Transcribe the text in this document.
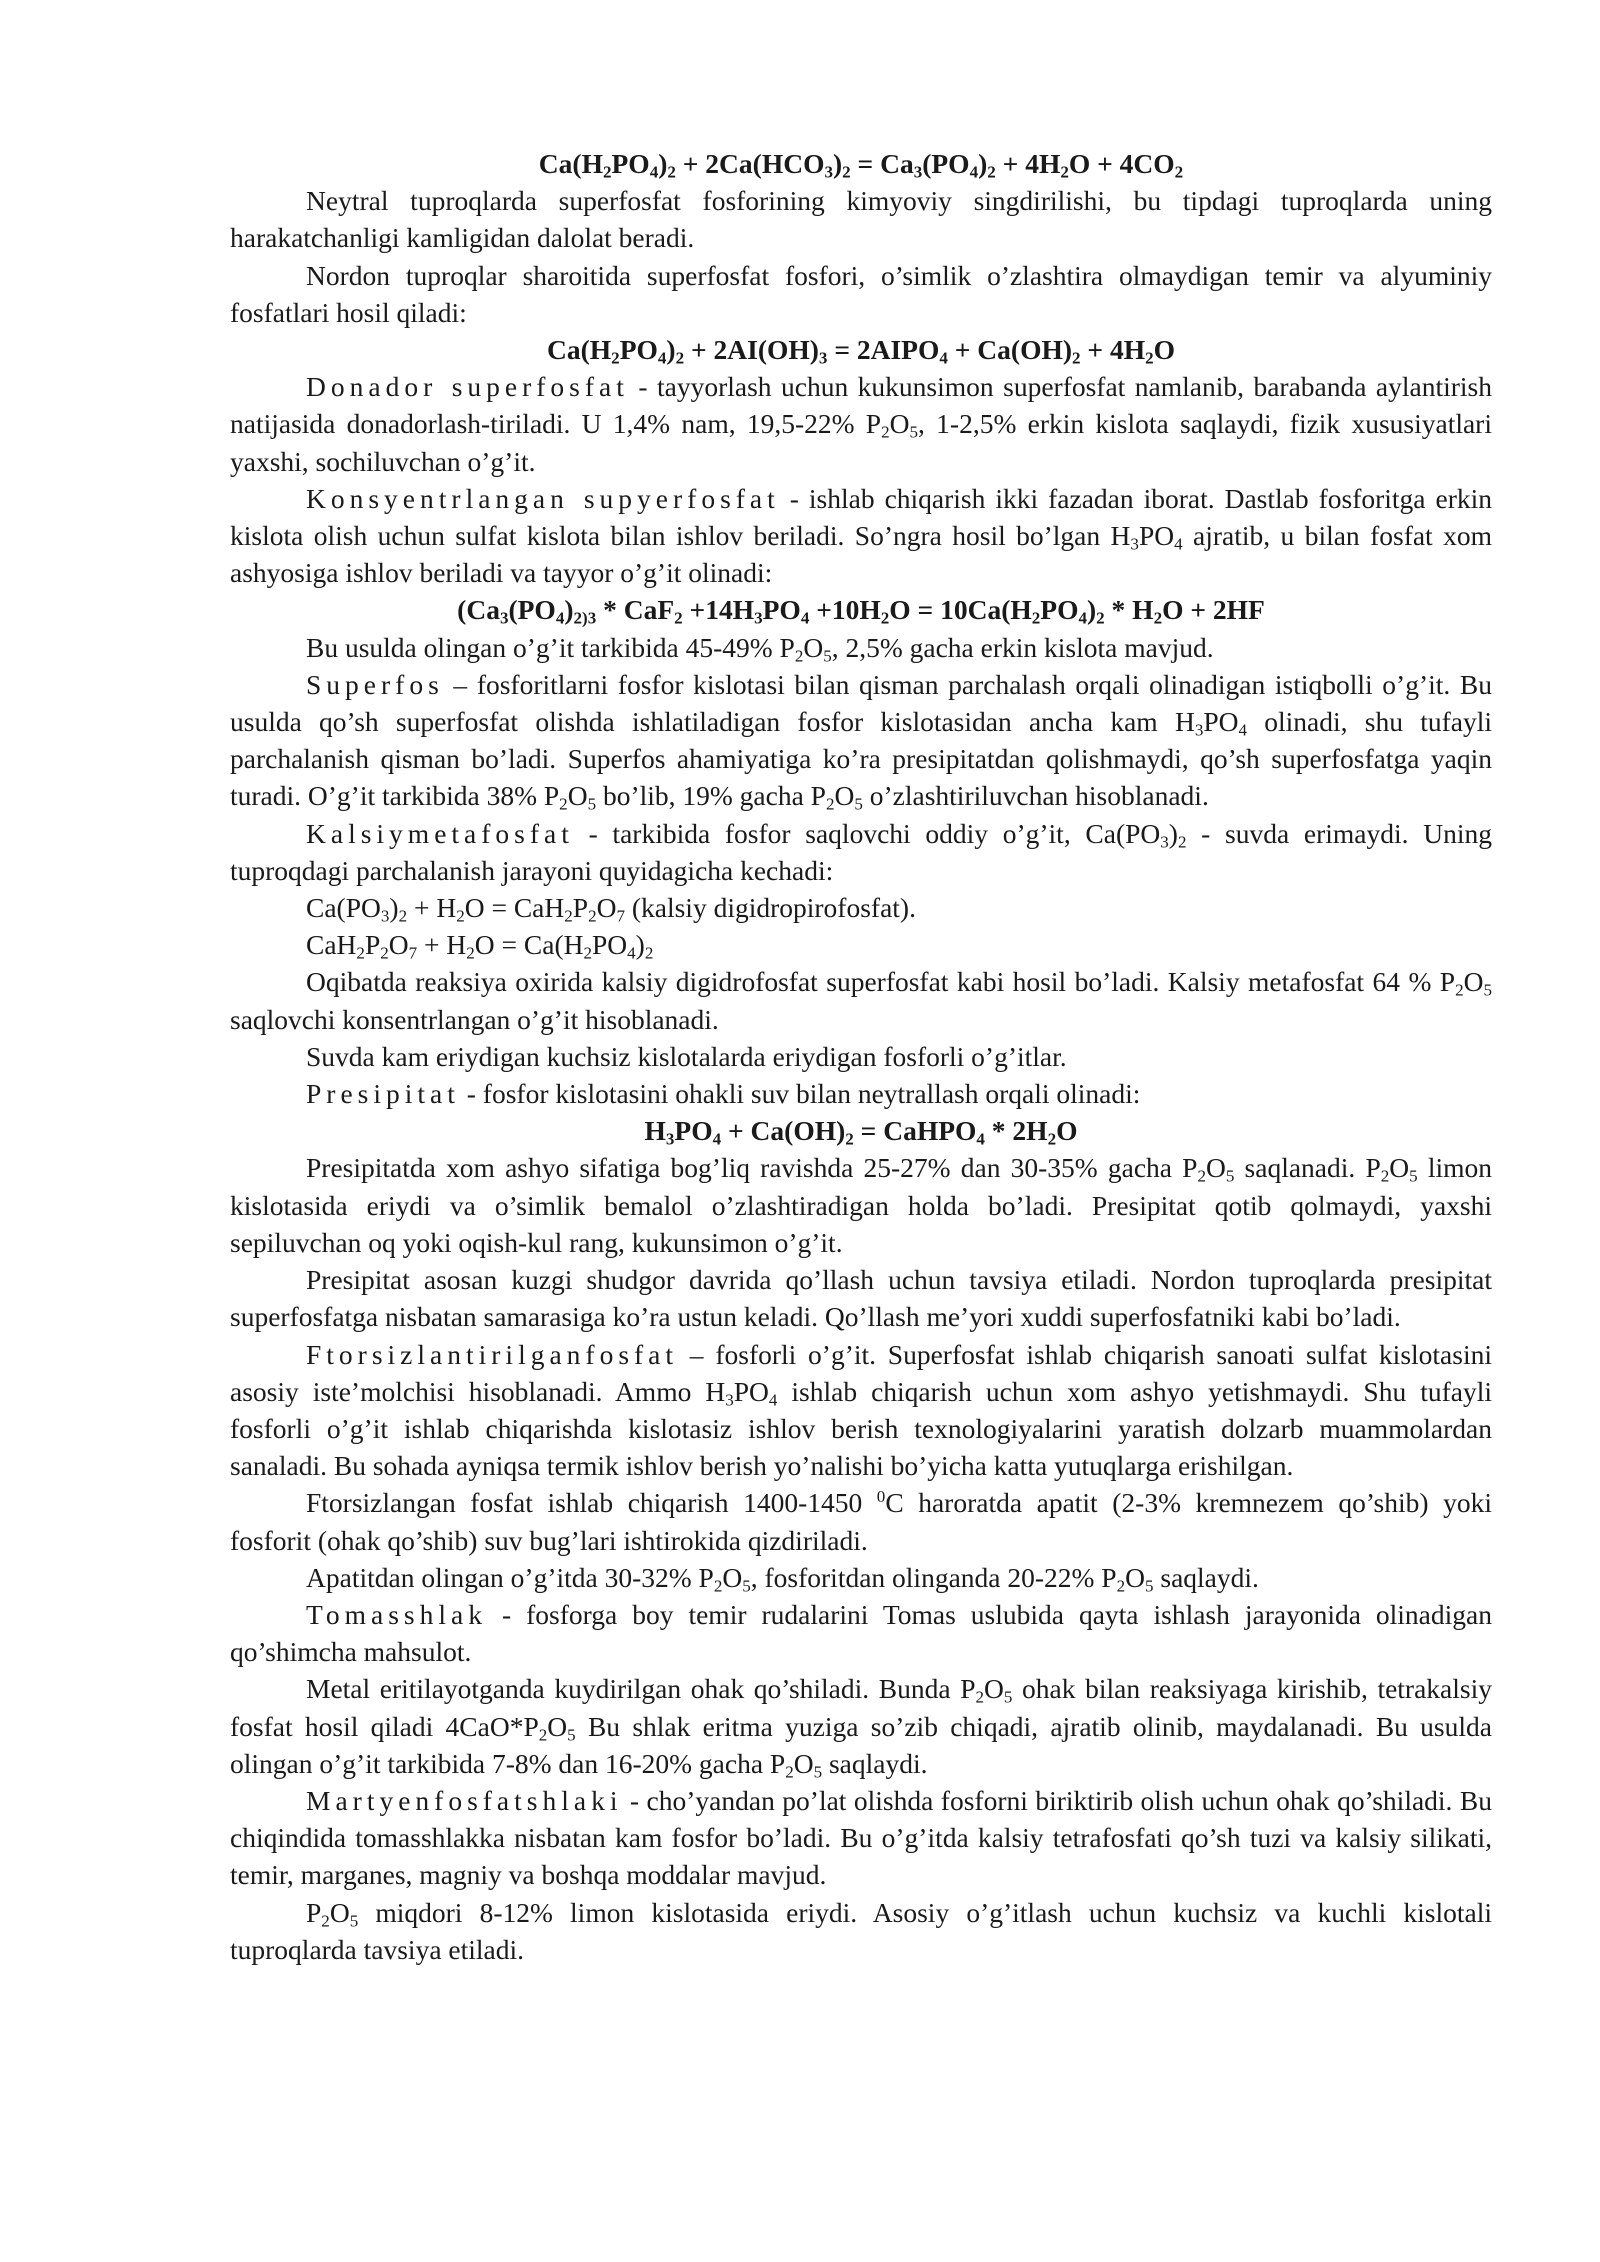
$Ca(H_2PO_4)_2 + 2Ca(HCO_3)_2 = Ca_3(PO_4)_2 + 4H_2O + 4CO_2$

Neytral tuproqlarda superfosfat fosforining kimyoviy singdirilishi, bu tipdagi tuproqlarda uning harakatchanligi kamligidan dalolat beradi.

Nordon tuproqlar sharoitida superfosfat fosfori, o’simlik o’zlashtira olmaydigan temir va alyuminiy fosfatlari hosil qiladi:

$Ca(H_2PO_4)_2 + 2AI(OH)_3$ = $2AIPO_4 + Ca(OH)_2 + 4H_2O$

Donador superfosfat - tayyorlash uchun kukunsimon superfosfat namlanib, barabanda aylantirish natijasida donadorlash-tiriladi. U 1,4% nam, 19,5-22% $P_2O_5$, 1-2,5% erkin kislota saqlaydi, fizik xususiyatlari yaxshi, sochiluvchan o’g’it.

Konsyentrlangan supyerfosfat - ishlab chiqarish ikki fazadan iborat. Dastlab fosforitga erkin kislota olish uchun sulfat kislota bilan ishlov beriladi. So’ngra hosil bo’lgan $H_3PO_4$ ajratib, u bilan fosfat xom ashyosiga ishlov beriladi va tayyor o’g’it olinadi:

($Ca_3(PO_4)_{2)3} * CaF_2 +14H_3PO_4 +10H_2O = 10Ca(H_2PO_4)_2 * H_2O + 2HF$

Bu usulda olingan o’g’it tarkibida 45-49% $P_2O_5$, 2,5% gacha erkin kislota mavjud.

Superfos – fosforitlarni fosfor kislotasi bilan qisman parchalash orqali olinadigan istiqbolli o’g’it. Bu usulda qo’sh superfosfat olishda ishlatiladigan fosfor kislotasidan ancha kam $H_3PO_4$ olinadi, shu tufayli parchalanish qisman bo’ladi. Superfos ahamiyatiga ko’ra presipitatdan qolishmaydi, qo’sh superfosfatga yaqin turadi. O’g’it tarkibida 38% $P_2O_5$ bo’lib, 19% gacha $P_2O_5$ o’zlashtiriluvchan hisoblanadi.

Kalsiymetafosfat - tarkibida fosfor saqlovchi oddiy o’g’it, $Ca(PO_3)_2$ - suvda erimaydi. Uning tuproqdagi parchalanish jarayoni quyidagicha kechadi:

$Ca(PO_3)_2 + H_2O = CaH_2P_2O_7$ (kalsiy digidropirofosfat).

$CaH_2P_2O_7 + H_2O = Ca(H_2PO_4)_2$

Oqibatda reaksiya oxirida kalsiy digidrofosfat superfosfat kabi hosil bo’ladi. Kalsiy metafosfat 64 % $P_2O_5$ saqlovchi konsentrlangan o’g’it hisoblanadi.

Suvda kam eriydigan kuchsiz kislotalarda eriydigan fosforli o’g’itlar.

Presipitat - fosfor kislotasini ohakli suv bilan neytrallash orqali olinadi:

$H_3PO_4 + Ca(OH)_2$ = CaHPO$_4$ * $2H_2O$

Presipitatda xom ashyo sifatiga bog’liq ravishda 25-27% dan 30-35% gacha $P_2O_5$ saqlanadi. $P_2O_5$ limon kislotasida eriydi va o’simlik bemalol o’zlashtiradigan holda bo’ladi. Presipitat qotib qolmaydi, yaxshi sepiluvchan oq yoki oqish-kul rang, kukunsimon o’g’it.

Presipitat asosan kuzgi shudgor davrida qo’llash uchun tavsiya etiladi. Nordon tuproqlarda presipitat superfosfatga nisbatan samarasiga ko’ra ustun keladi. Qo’llash me’yori xuddi superfosfatniki kabi bo’ladi.

Ftorsizlantirilganfosfat – fosforli o’g’it. Superfosfat ishlab chiqarish sanoati sulfat kislotasini asosiy iste’molchisi hisoblanadi. Ammo $H_3PO_4$ ishlab chiqarish uchun xom ashyo yetishmaydi. Shu tufayli fosforli o’g’it ishlab chiqarishda kislotasiz ishlov berish texnologiyalarini yaratish dolzarb muammolardan sanaladi. Bu sohada ayniqsa termik ishlov berish yo’nalishi bo’yicha katta yutuqlarga erishilgan.

Ftorsizlangan fosfat ishlab chiqarish 1400-1450 $^0$C haroratda apatit (2-3% kremnezem qo’shib) yoki fosforit (ohak qo’shib) suv bug’lari ishtirokida qizdiriladi.

Apatitdan olingan o’g’itda 30-32% $P_2O_5$, fosforitdan olinganda 20-22% $P_2O_5$ saqlaydi.

Tomasshlak - fosforga boy temir rudalarini Tomas uslubida qayta ishlash jarayonida olinadigan qo’shimcha mahsulot.

Metal eritilayotganda kuydirilgan ohak qo’shiladi. Bunda $P_2O_5$ ohak bilan reaksiyaga kirishib, tetrakalsiy fosfat hosil qiladi $4CaO*P_2O_5$ Bu shlak eritma yuziga so’zib chiqadi, ajratib olinib, maydalanadi. Bu usulda olingan o’g’it tarkibida 7-8% dan 16-20% gacha $P_2O_5$ saqlaydi.

Martyenfosfatshlaki - cho’yandan po’lat olishda fosforni biriktirib olish uchun ohak qo’shiladi. Bu chiqindida tomasshlakka nisbatan kam fosfor bo’ladi. Bu o’g’itda kalsiy tetrafosfati qo’sh tuzi va kalsiy silikati, temir, marganes, magniy va boshqa moddalar mavjud.

$P_2O_5$ miqdori 8-12% limon kislotasida eriydi. Asosiy o’g’itlash uchun kuchsiz va kuchli kislotali tuproqlarda tavsiya etiladi.
